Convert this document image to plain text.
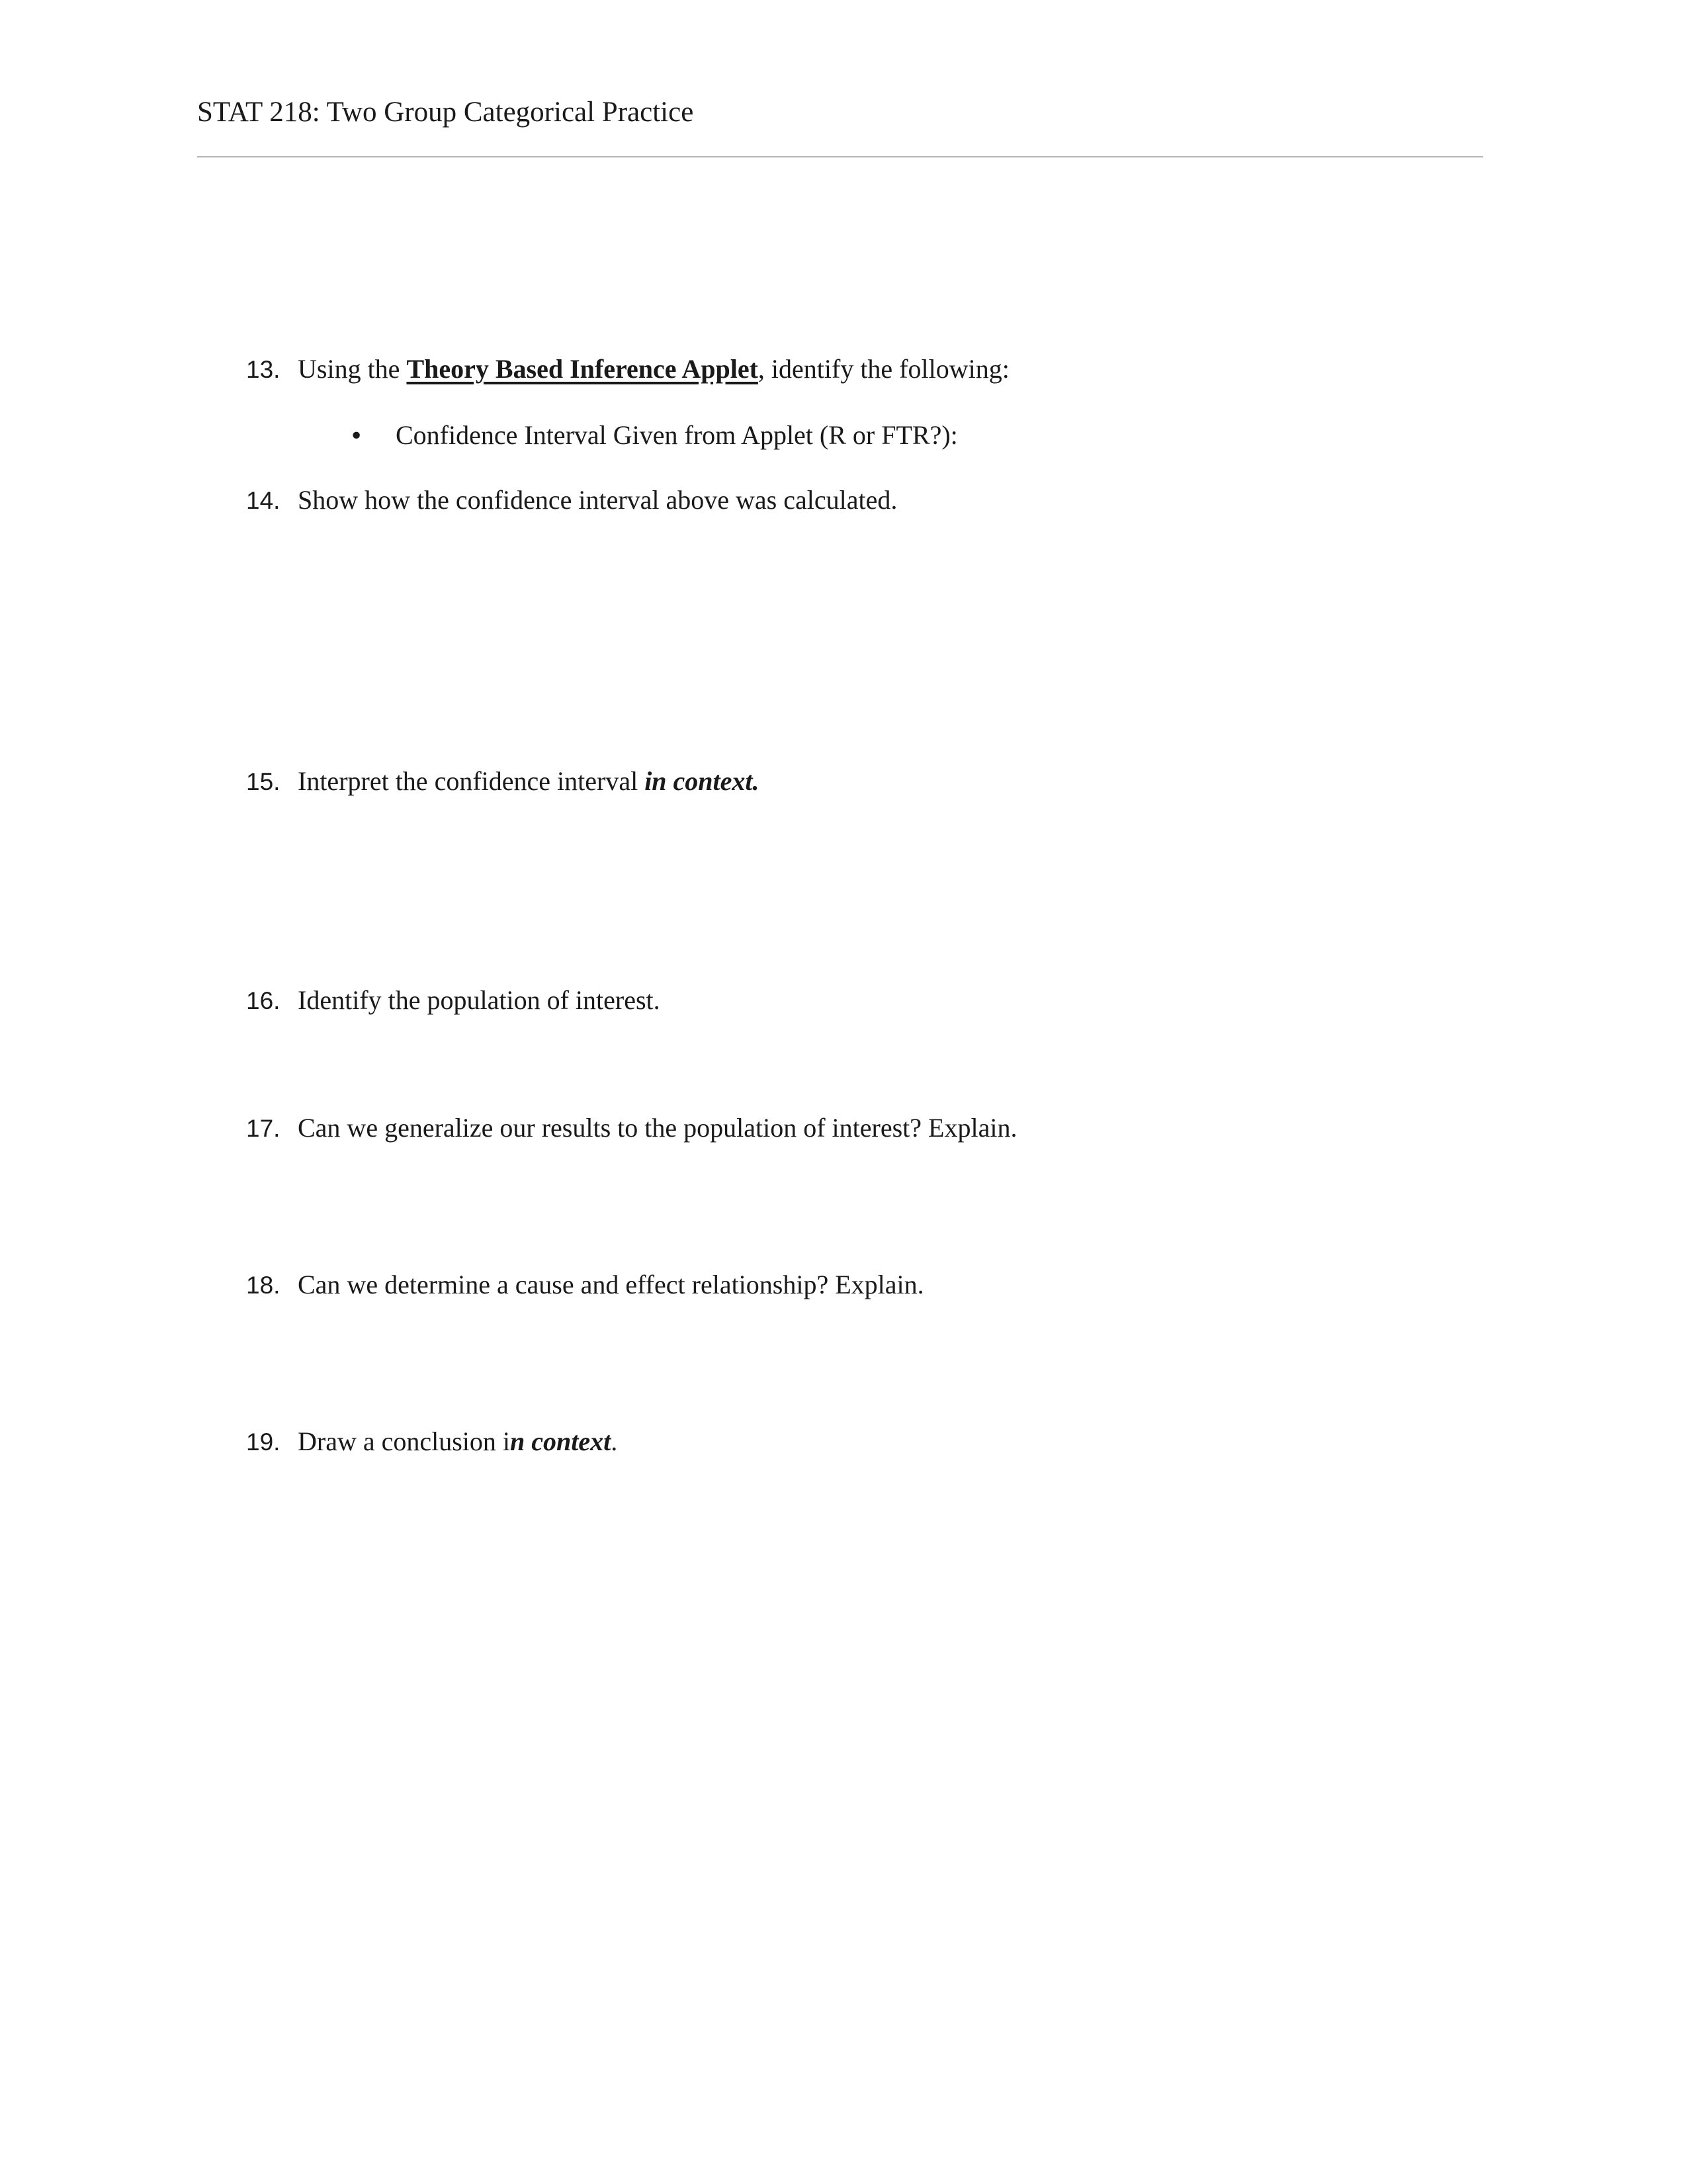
STAT 218: Two Group Categorical Practice
13. Using the Theory Based Inference Applet, identify the following:
• Confidence Interval Given from Applet (R or FTR?):
14. Show how the confidence interval above was calculated.
15. Interpret the confidence interval in context.
16. Identify the population of interest.
17. Can we generalize our results to the population of interest? Explain.
18. Can we determine a cause and effect relationship? Explain.
19. Draw a conclusion in context.
